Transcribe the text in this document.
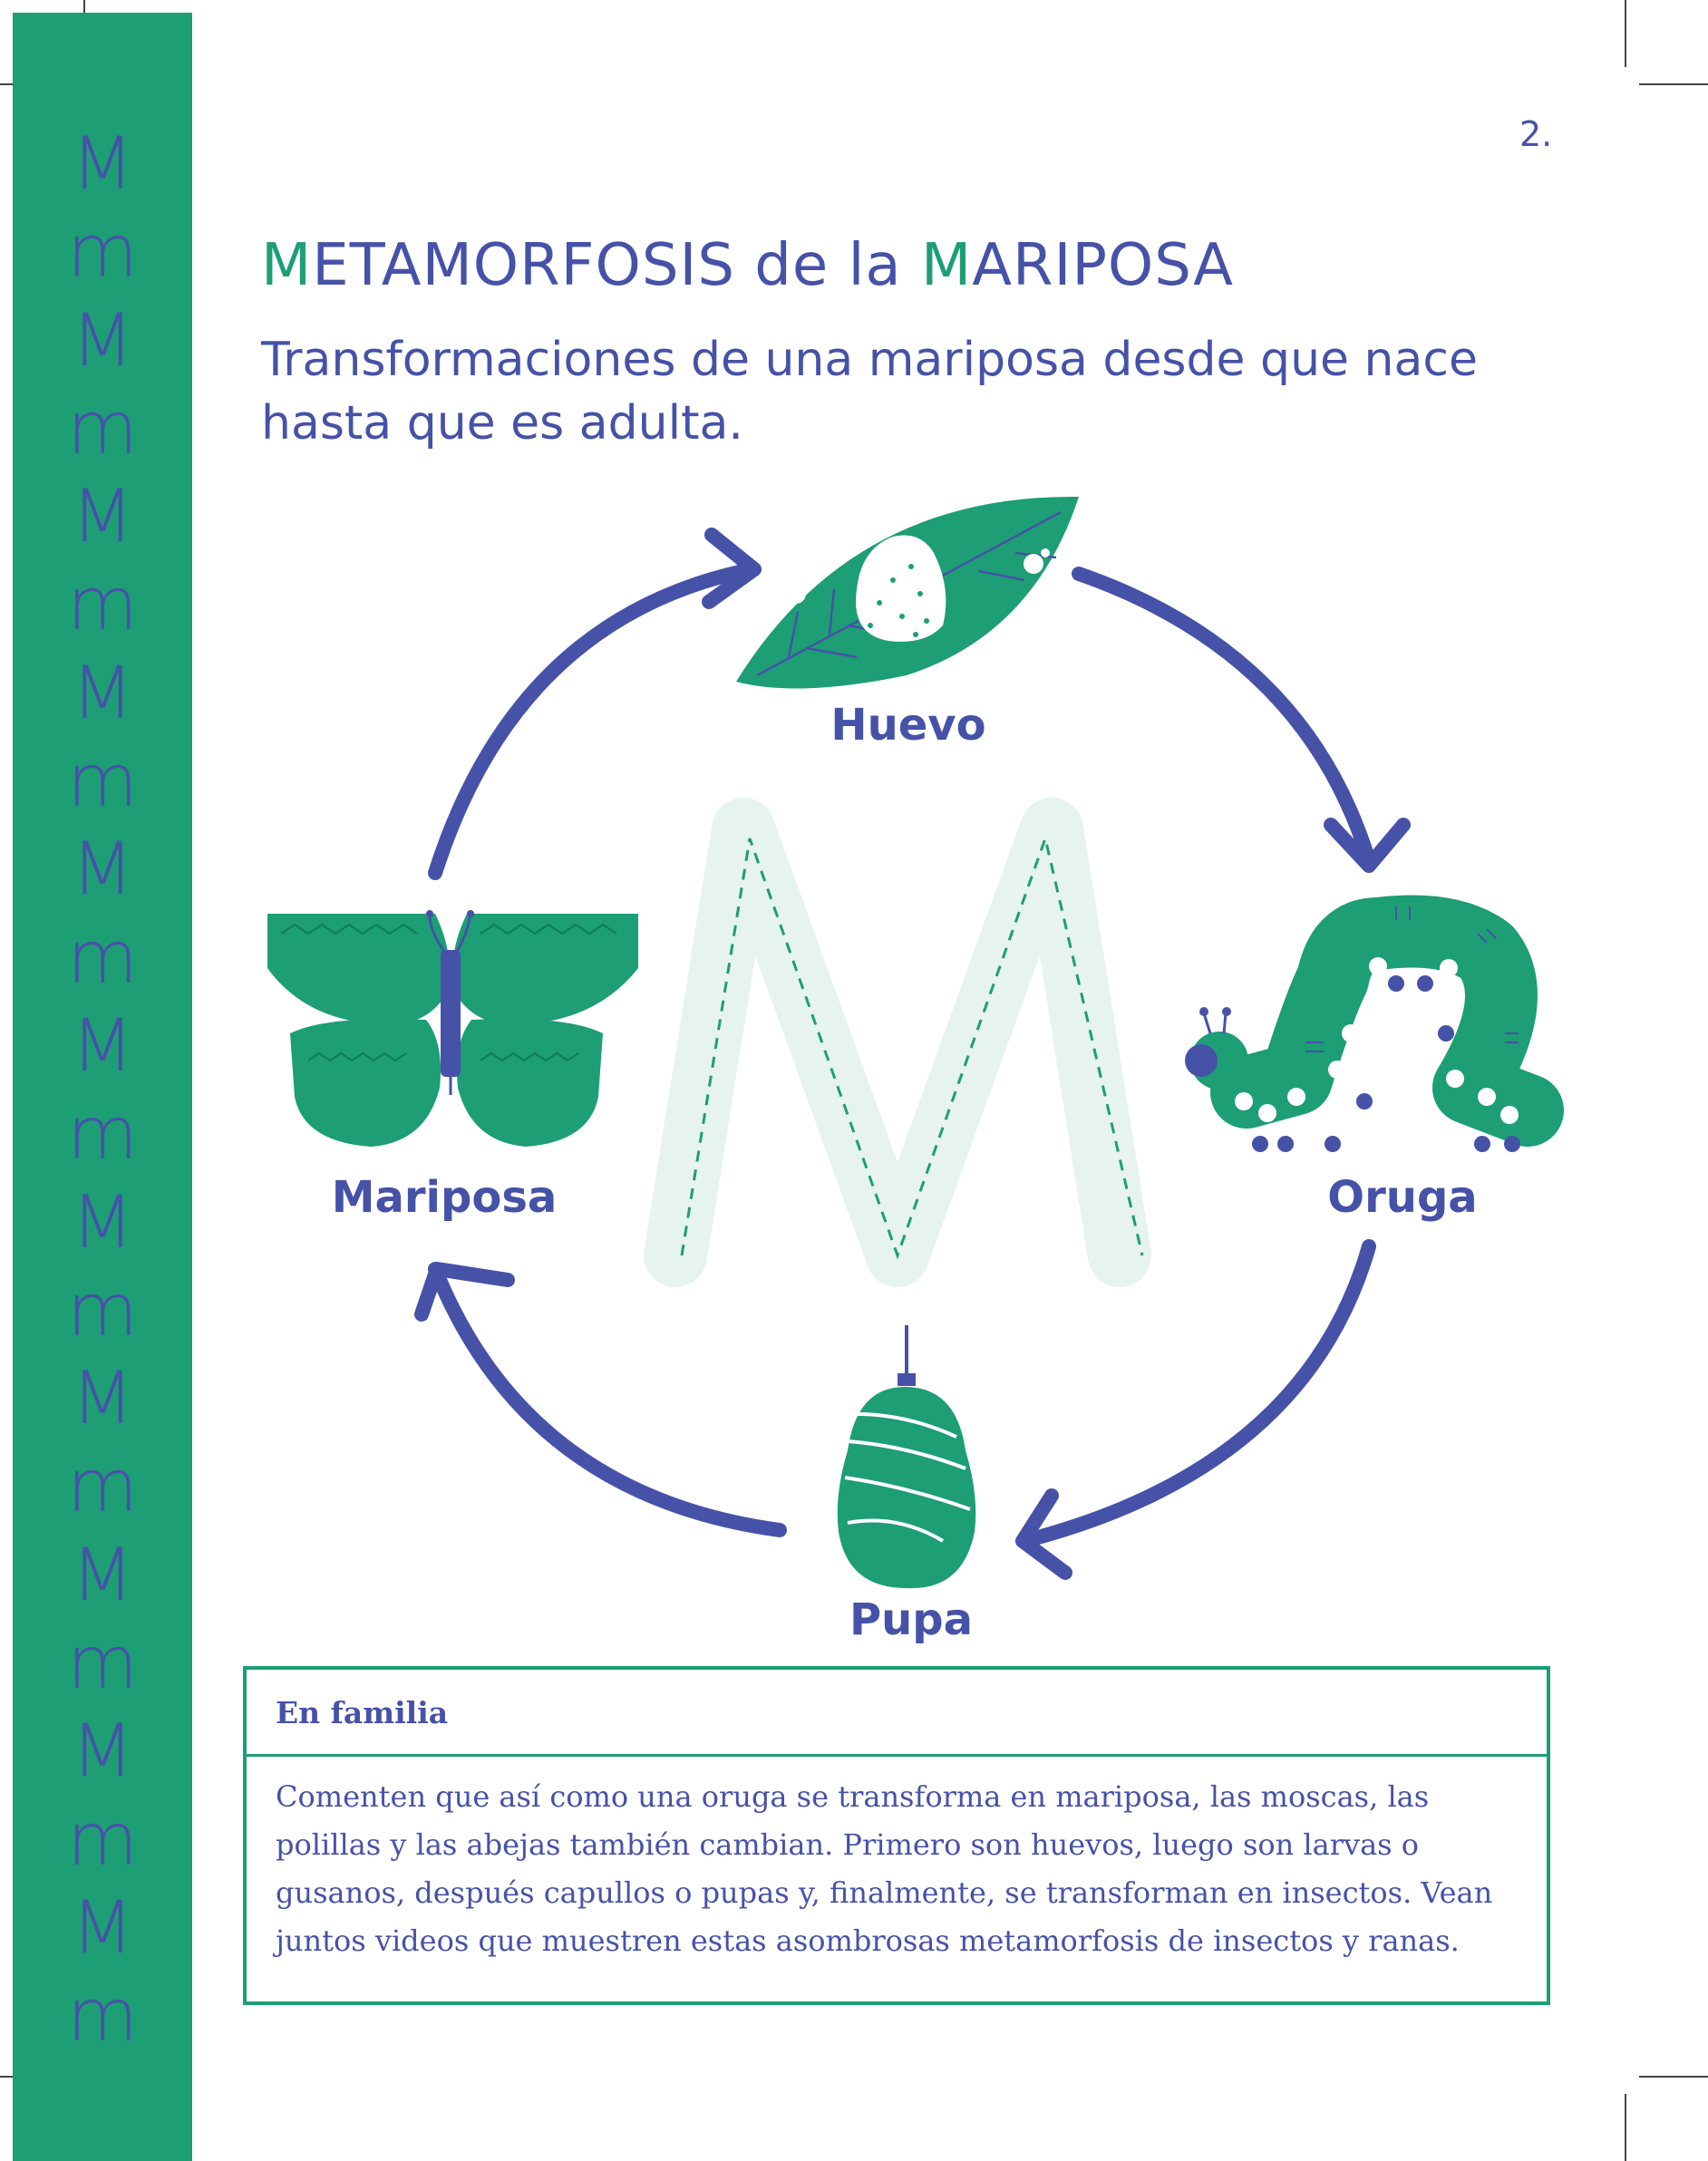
M
m
M
m
M
m
M
m
M
m
M
m
M
m
M
m
M
m
M
m
M
m
2.
METAMORFOSIS de la MARIPOSA
Transformaciones de una mariposa desde que nace hasta que es adulta.
Huevo
Oruga
Pupa
Mariposa
En familia
Comenten que así como una oruga se transforma en mariposa, las moscas, las polillas y las abejas también cambian. Primero son huevos, luego son larvas o gusanos, después capullos o pupas y, finalmente, se transforman en insectos. Vean juntos videos que muestren estas asombrosas metamorfosis de insectos y ranas.
